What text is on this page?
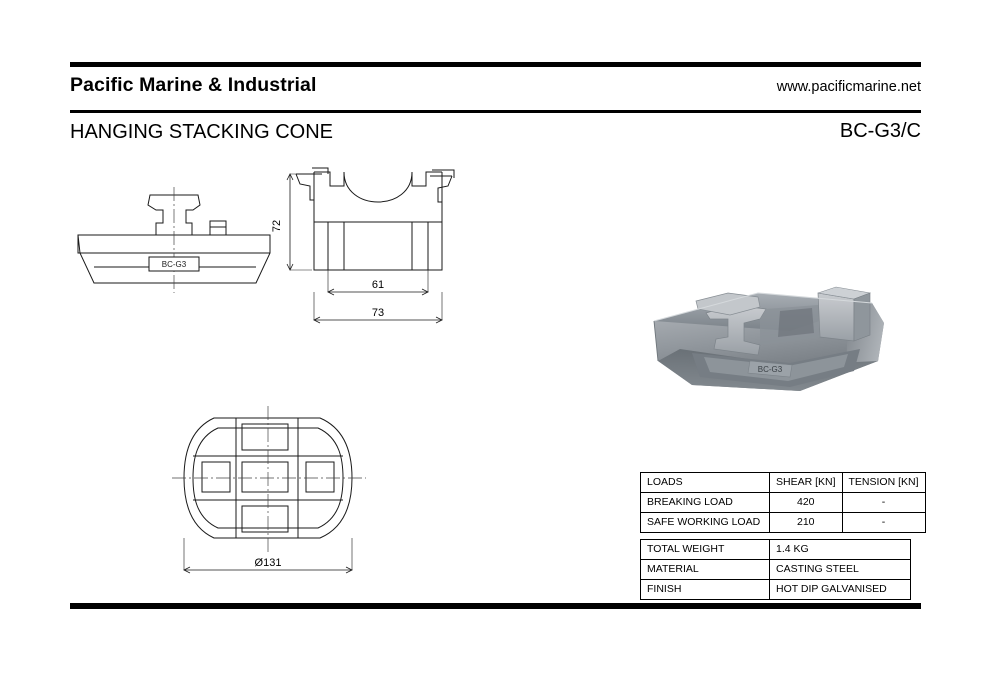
Pacific Marine & Industrial	www.pacificmarine.net
HANGING STACKING CONE	BC-G3/C
BC-G3
72
61
73
BC-G3
Ø131
LOADS	SHEAR [KN]	TENSION [KN]
BREAKING LOAD	420	-
SAFE WORKING LOAD	210	-
TOTAL WEIGHT	1.4 KG
MATERIAL	CASTING STEEL
FINISH	HOT DIP GALVANISED
